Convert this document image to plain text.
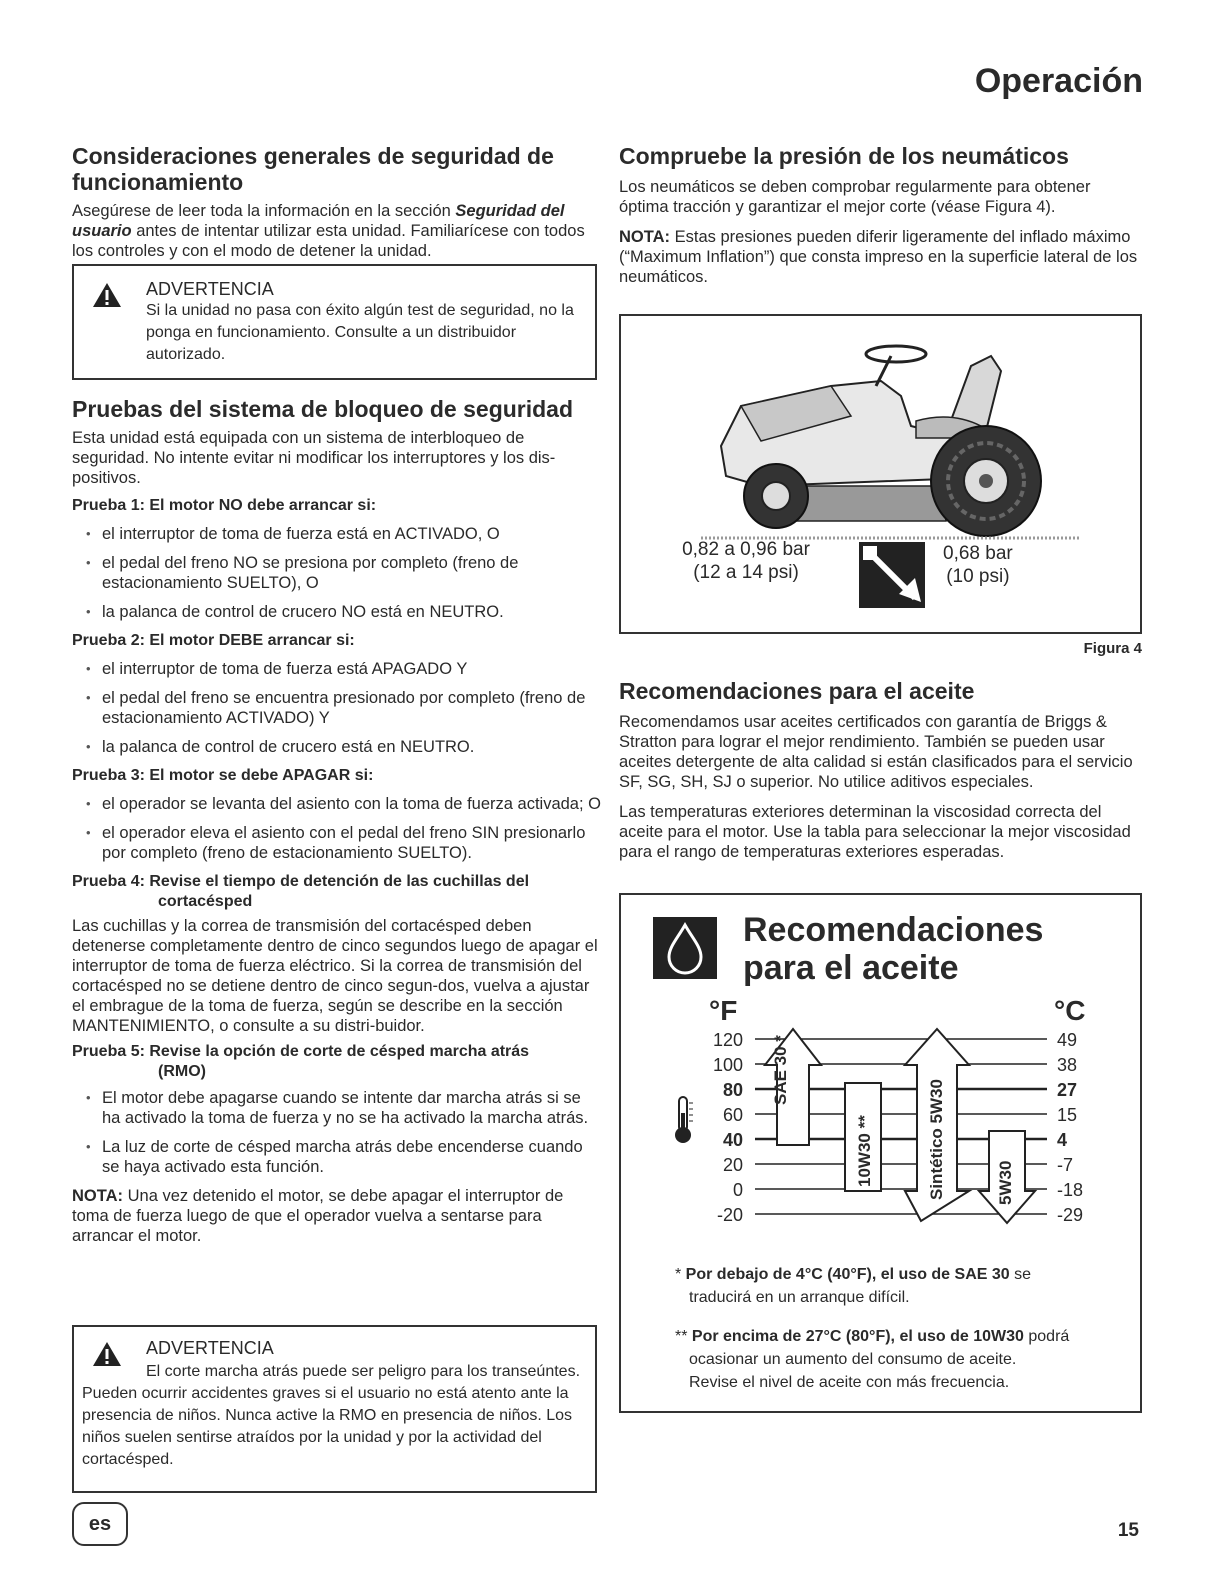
Operación
Consideraciones generales de seguridad de funcionamiento

Asegúrese de leer toda la información en la sección Seguridad del usuario antes de intentar utilizar esta unidad. Familiarícese con todos los controles y con el modo de detener la unidad.

ADVERTENCIA
Si la unidad no pasa con éxito algún test de seguridad, no la ponga en funcionamiento. Consulte a un distribuidor autorizado.
Pruebas del sistema de bloqueo de seguridad

Esta unidad está equipada con un sistema de interbloqueo de seguridad. No intente evitar ni modificar los interruptores y los dis-positivos.

Prueba 1: El motor NO debe arrancar si:
• el interruptor de toma de fuerza está en ACTIVADO, O
• el pedal del freno NO se presiona por completo (freno de estacionamiento SUELTO), O
• la palanca de control de crucero NO está en NEUTRO.
Prueba 2: El motor DEBE arrancar si:
• el interruptor de toma de fuerza está APAGADO Y
• el pedal del freno se encuentra presionado por completo (freno de estacionamiento ACTIVADO) Y
• la palanca de control de crucero está en NEUTRO.
Prueba 3: El motor se debe APAGAR si:
• el operador se levanta del asiento con la toma de fuerza activada; O
• el operador eleva el asiento con el pedal del freno SIN presionarlo por completo (freno de estacionamiento SUELTO).
Prueba 4: Revise el tiempo de detención de las cuchillas del
cortacésped

Las cuchillas y la correa de transmisión del cortacésped deben detenerse completamente dentro de cinco segundos luego de apagar el interruptor de toma de fuerza eléctrico. Si la correa de transmisión del cortacésped no se detiene dentro de cinco segun-dos, vuelva a ajustar el embrague de la toma de fuerza, según se describe en la sección MANTENIMIENTO, o consulte a su distri-buidor.

Prueba 5: Revise la opción de corte de césped marcha atrás
(RMO)
• El motor debe apagarse cuando se intente dar marcha atrás si se ha activado la toma de fuerza y no se ha activado la marcha atrás.
• La luz de corte de césped marcha atrás debe encenderse cuando se haya activado esta función.

NOTA: Una vez detenido el motor, se debe apagar el interruptor de toma de fuerza luego de que el operador vuelva a sentarse para arrancar el motor.

ADVERTENCIA
El corte marcha atrás puede ser peligro para los transeúntes. Pueden ocurrir accidentes graves si el usuario no está atento ante la presencia de niños. Nunca active la RMO en presencia de niños. Los niños suelen sentirse atraídos por la unidad y por la actividad del cortacésped.
Compruebe la presión de los neumáticos

Los neumáticos se deben comprobar regularmente para obtener óptima tracción y garantizar el mejor corte (véase Figura 4).

NOTA: Estas presiones pueden diferir ligeramente del inflado máximo (“Maximum Inflation”) que consta impreso en la superficie lateral de los neumáticos.

0,82 a 0,96 bar
(12 a 14 psi)
0,68 bar
(10 psi)
Figura 4
Recomendaciones para el aceite

Recomendamos usar aceites certificados con garantía de Briggs & Stratton para lograr el mejor rendimiento. También se pueden usar aceites detergente de alta calidad si están clasificados para el servicio SF, SG, SH, SJ o superior. No utilice aditivos especiales.

Las temperaturas exteriores determinan la viscosidad correcta del aceite para el motor. Use la tabla para seleccionar la mejor viscosidad para el rango de temperaturas exteriores esperadas.

Recomendaciones
para el aceite
°F	°C
120
100
80
60
40
20
0
-20
49
38
27
15
4
-7
-18
-29
SAE 30 *
10W30 **	Sintético 5W30	5W30
* Por debajo de 4°C (40°F), el uso de SAE 30 se
traducirá en un arranque difícil.
** Por encima de 27°C (80°F), el uso de 10W30 podrá
ocasionar un aumento del consumo de aceite.
Revise el nivel de aceite con más frecuencia.
es	15
